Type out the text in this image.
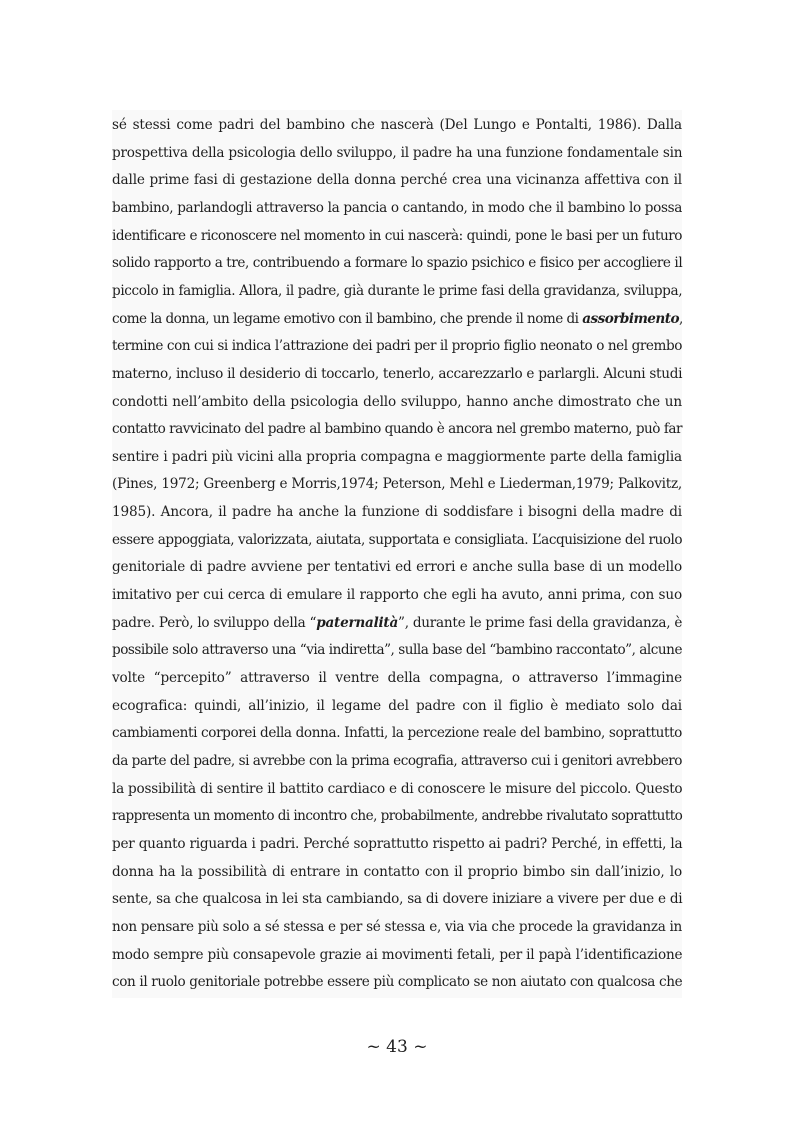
sé stessi come padri del bambino che nascerà (Del Lungo e Pontalti, 1986). Dalla
prospettiva della psicologia dello sviluppo, il padre ha una funzione fondamentale sin
dalle prime fasi di gestazione della donna perché crea una vicinanza affettiva con il
bambino, parlandogli attraverso la pancia o cantando, in modo che il bambino lo possa
identificare e riconoscere nel momento in cui nascerà: quindi, pone le basi per un futuro
solido rapporto a tre, contribuendo a formare lo spazio psichico e fisico per accogliere il
piccolo in famiglia. Allora, il padre, già durante le prime fasi della gravidanza, sviluppa,
come la donna, un legame emotivo con il bambino, che prende il nome di assorbimento,
termine con cui si indica l’attrazione dei padri per il proprio figlio neonato o nel grembo
materno, incluso il desiderio di toccarlo, tenerlo, accarezzarlo e parlargli. Alcuni studi
condotti nell’ambito della psicologia dello sviluppo, hanno anche dimostrato che un
contatto ravvicinato del padre al bambino quando è ancora nel grembo materno, può far
sentire i padri più vicini alla propria compagna e maggiormente parte della famiglia
(Pines, 1972; Greenberg e Morris,1974; Peterson, Mehl e Liederman,1979; Palkovitz,
1985). Ancora, il padre ha anche la funzione di soddisfare i bisogni della madre di
essere appoggiata, valorizzata, aiutata, supportata e consigliata. L’acquisizione del ruolo
genitoriale di padre avviene per tentativi ed errori e anche sulla base di un modello
imitativo per cui cerca di emulare il rapporto che egli ha avuto, anni prima, con suo
padre. Però, lo sviluppo della “paternalità”, durante le prime fasi della gravidanza, è
possibile solo attraverso una “via indiretta”, sulla base del “bambino raccontato”, alcune
volte “percepito” attraverso il ventre della compagna, o attraverso l’immagine
ecografica: quindi, all’inizio, il legame del padre con il figlio è mediato solo dai
cambiamenti corporei della donna. Infatti, la percezione reale del bambino, soprattutto
da parte del padre, si avrebbe con la prima ecografia, attraverso cui i genitori avrebbero
la possibilità di sentire il battito cardiaco e di conoscere le misure del piccolo. Questo
rappresenta un momento di incontro che, probabilmente, andrebbe rivalutato soprattutto
per quanto riguarda i padri. Perché soprattutto rispetto ai padri? Perché, in effetti, la
donna ha la possibilità di entrare in contatto con il proprio bimbo sin dall’inizio, lo
sente, sa che qualcosa in lei sta cambiando, sa di dovere iniziare a vivere per due e di
non pensare più solo a sé stessa e per sé stessa e, via via che procede la gravidanza in
modo sempre più consapevole grazie ai movimenti fetali, per il papà l’identificazione
con il ruolo genitoriale potrebbe essere più complicato se non aiutato con qualcosa che
~ 43 ~
